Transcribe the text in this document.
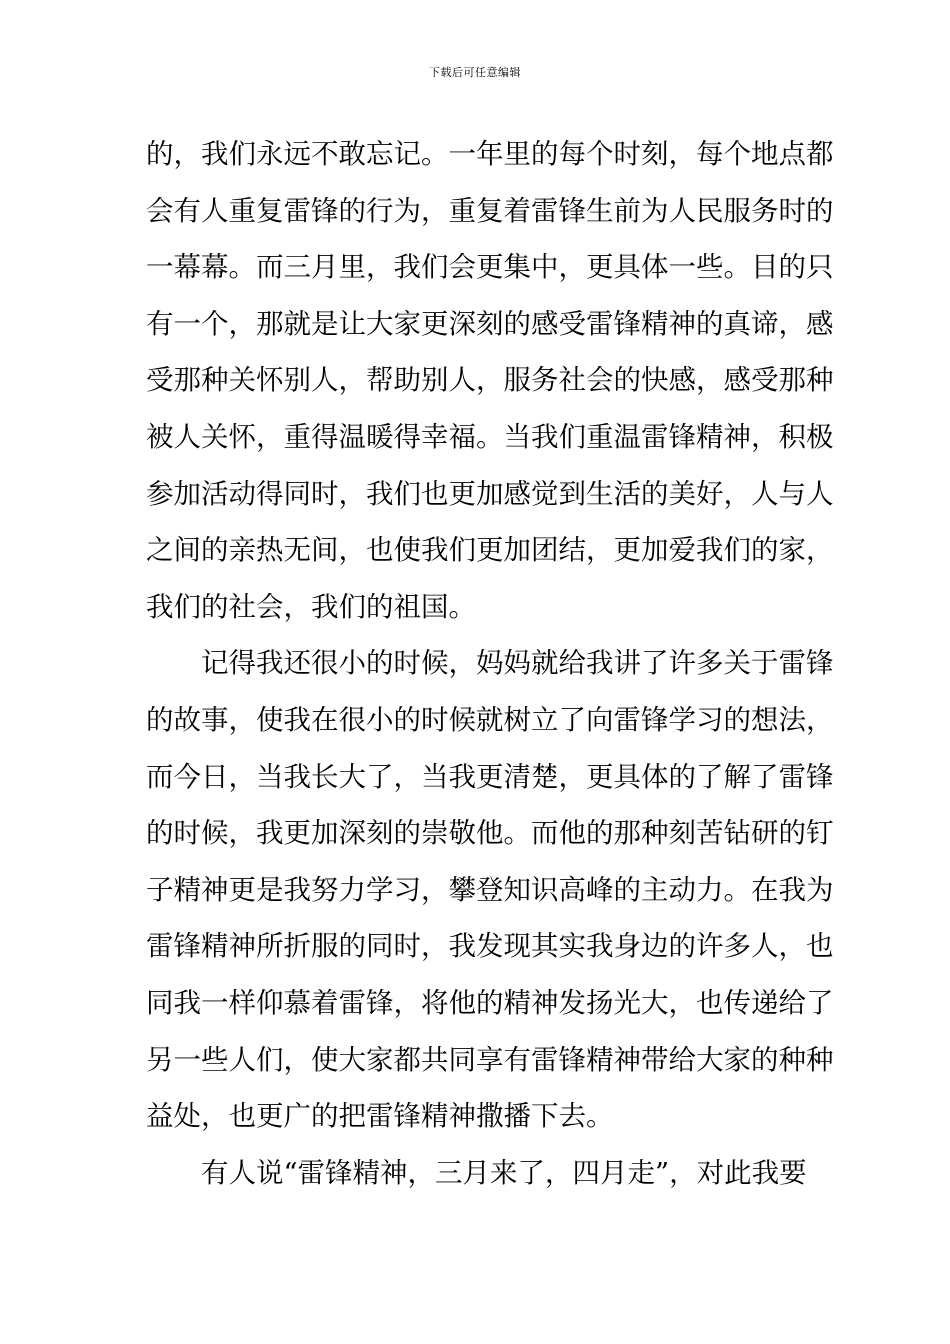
下载后可任意编辑
的，我们永远不敢忘记。一年里的每个时刻，每个地点都
会有人重复雷锋的行为，重复着雷锋生前为人民服务时的
一幕幕。而三月里，我们会更集中，更具体一些。目的只
有一个，那就是让大家更深刻的感受雷锋精神的真谛，感
受那种关怀别人，帮助别人，服务社会的快感，感受那种
被人关怀，重得温暖得幸福。当我们重温雷锋精神，积极
参加活动得同时，我们也更加感觉到生活的美好，人与人
之间的亲热无间，也使我们更加团结，更加爱我们的家，
我们的社会，我们的祖国。
记得我还很小的时候，妈妈就给我讲了许多关于雷锋
的故事，使我在很小的时候就树立了向雷锋学习的想法，
而今日，当我长大了，当我更清楚，更具体的了解了雷锋
的时候，我更加深刻的崇敬他。而他的那种刻苦钻研的钉
子精神更是我努力学习，攀登知识高峰的主动力。在我为
雷锋精神所折服的同时，我发现其实我身边的许多人，也
同我一样仰慕着雷锋，将他的精神发扬光大，也传递给了
另一些人们，使大家都共同享有雷锋精神带给大家的种种
益处，也更广的把雷锋精神撒播下去。
有人说“雷锋精神，三月来了，四月走”，对此我要
